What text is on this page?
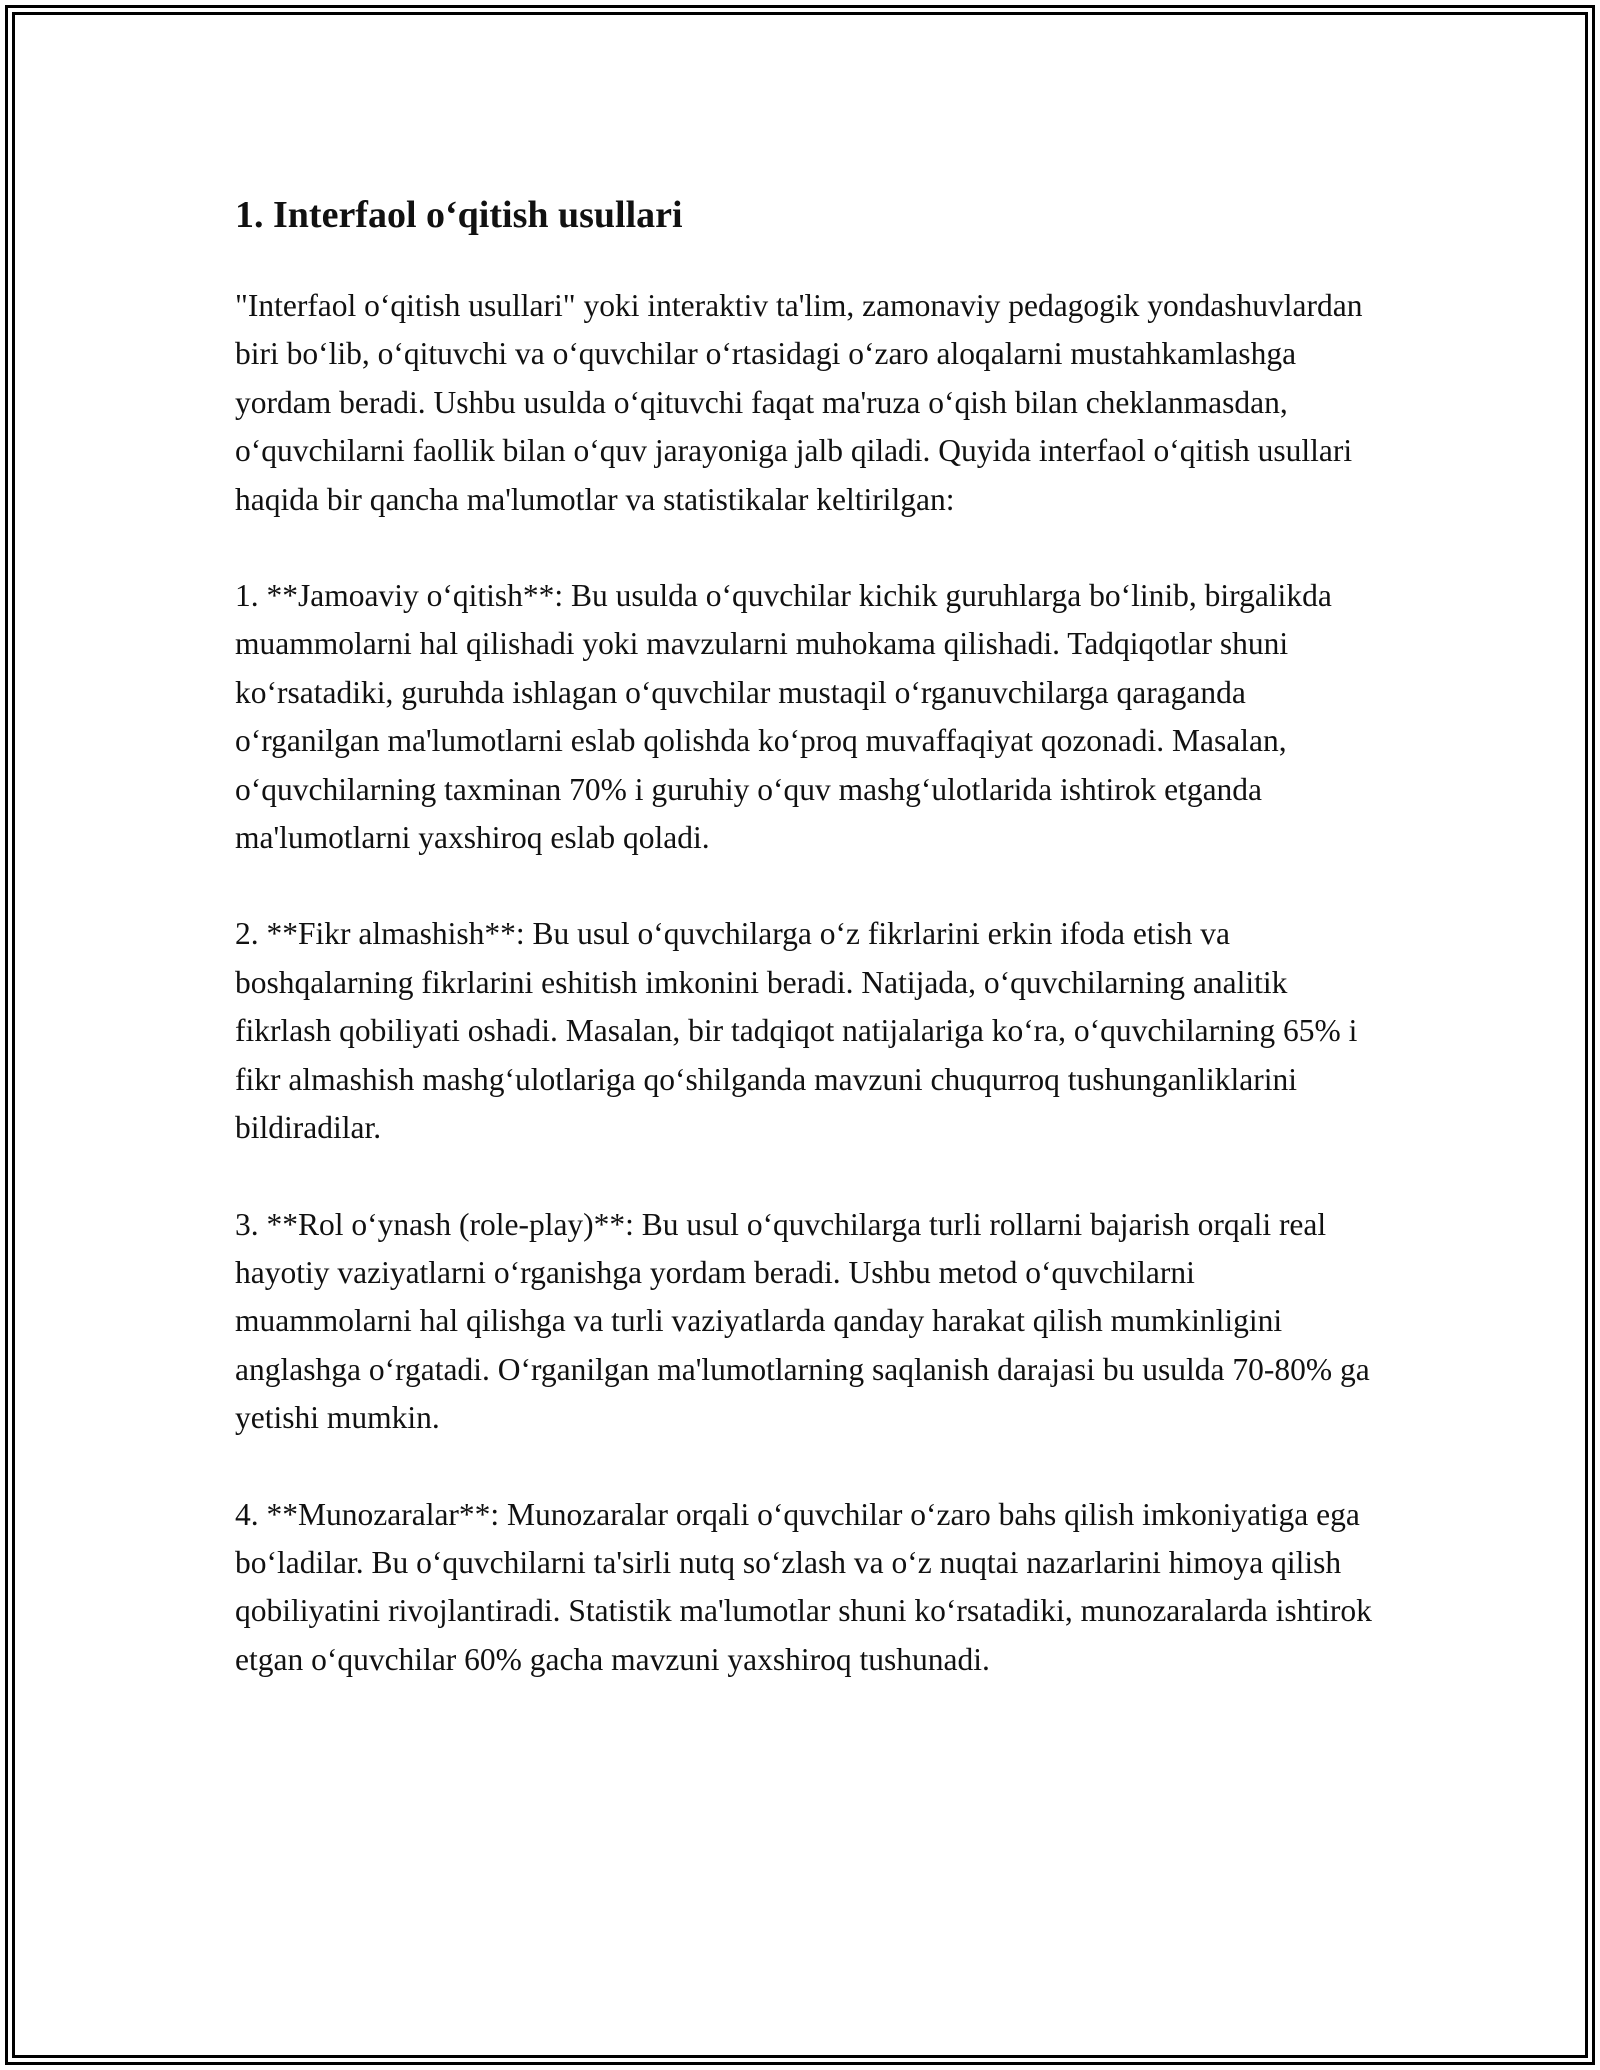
1. Interfaol o‘qitish usullari

"Interfaol o‘qitish usullari" yoki interaktiv ta'lim, zamonaviy pedagogik yondashuvlardan biri bo‘lib, o‘qituvchi va o‘quvchilar o‘rtasidagi o‘zaro aloqalarni mustahkamlashga yordam beradi. Ushbu usulda o‘qituvchi faqat ma'ruza o‘qish bilan cheklanmasdan, o‘quvchilarni faollik bilan o‘quv jarayoniga jalb qiladi. Quyida interfaol o‘qitish usullari haqida bir qancha ma'lumotlar va statistikalar keltirilgan:

1. **Jamoaviy o‘qitish**: Bu usulda o‘quvchilar kichik guruhlarga bo‘linib, birgalikda muammolarni hal qilishadi yoki mavzularni muhokama qilishadi. Tadqiqotlar shuni ko‘rsatadiki, guruhda ishlagan o‘quvchilar mustaqil o‘rganuvchilarga qaraganda o‘rganilgan ma'lumotlarni eslab qolishda ko‘proq muvaffaqiyat qozonadi. Masalan, o‘quvchilarning taxminan 70% i guruhiy o‘quv mashg‘ulotlarida ishtirok etganda ma'lumotlarni yaxshiroq eslab qoladi.

2. **Fikr almashish**: Bu usul o‘quvchilarga o‘z fikrlarini erkin ifoda etish va boshqalarning fikrlarini eshitish imkonini beradi. Natijada, o‘quvchilarning analitik fikrlash qobiliyati oshadi. Masalan, bir tadqiqot natijalariga ko‘ra, o‘quvchilarning 65% i fikr almashish mashg‘ulotlariga qo‘shilganda mavzuni chuqurroq tushunganliklarini bildiradilar.

3. **Rol o‘ynash (role-play)**: Bu usul o‘quvchilarga turli rollarni bajarish orqali real hayotiy vaziyatlarni o‘rganishga yordam beradi. Ushbu metod o‘quvchilarni muammolarni hal qilishga va turli vaziyatlarda qanday harakat qilish mumkinligini anglashga o‘rgatadi. O‘rganilgan ma'lumotlarning saqlanish darajasi bu usulda 70-80% ga yetishi mumkin.

4. **Munozaralar**: Munozaralar orqali o‘quvchilar o‘zaro bahs qilish imkoniyatiga ega bo‘ladilar. Bu o‘quvchilarni ta'sirli nutq so‘zlash va o‘z nuqtai nazarlarini himoya qilish qobiliyatini rivojlantiradi. Statistik ma'lumotlar shuni ko‘rsatadiki, munozaralarda ishtirok etgan o‘quvchilar 60% gacha mavzuni yaxshiroq tushunadi.
